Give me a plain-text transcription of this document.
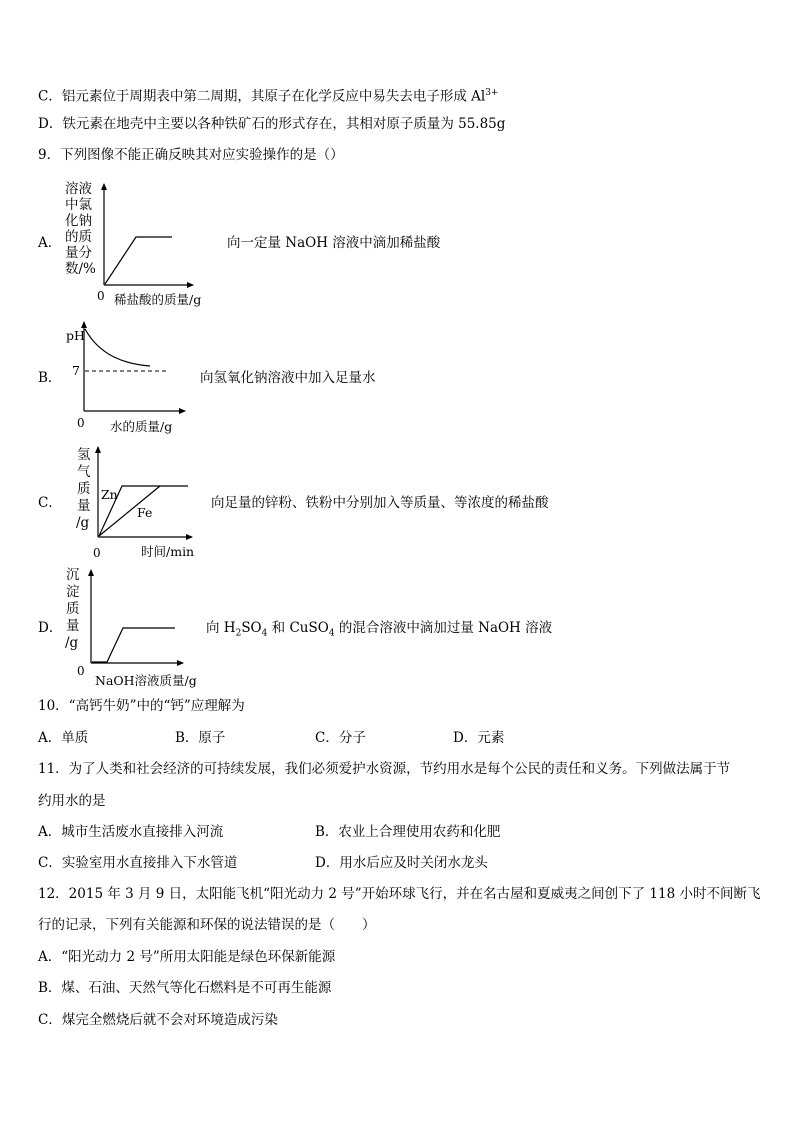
C．铝元素位于周期表中第二周期，其原子在化学反应中易失去电子形成 $Al^{3+}$
D．铁元素在地壳中主要以各种铁矿石的形式存在，其相对原子质量为 55.85g
9．下列图像不能正确反映其对应实验操作的是（）
A．	向一定量 NaOH 溶液中滴加稀盐酸
溶液
中氯
化钠
的质
量分
数/%
0 稀盐酸的质量/g
B．	向氢氧化钠溶液中加入足量水
pH
7
0 水的质量/g
C．	向足量的锌粉、铁粉中分别加入等质量、等浓度的稀盐酸
氢
气
质
量
/g
Zn
Fe
0	时间/min
D．	向 $H_2SO_4$ 和 CuSO$_4$ 的混合溶液中滴加过量 NaOH 溶液
沉
淀
质
量
/g
0
NaOH溶液质量/g
10．“高钙牛奶”中的“钙”应理解为
A．单质	B．原子	C．分子	D．元素
11．为了人类和社会经济的可持续发展，我们必须爱护水资源，节约用水是每个公民的责任和义务。下列做法属于节
约用水的是
A．城市生活废水直接排入河流	B．农业上合理使用农药和化肥
C．实验室用水直接排入下水管道	D．用水后应及时关闭水龙头
12．2015 年 3 月 9 日，太阳能飞机“阳光动力 2 号”开始环球飞行，并在名古屋和夏威夷之间创下了 118 小时不间断飞
行的记录，下列有关能源和环保的说法错误的是（　　）
A．“阳光动力 2 号”所用太阳能是绿色环保新能源
B．煤、石油、天然气等化石燃料是不可再生能源
C．煤完全燃烧后就不会对环境造成污染
